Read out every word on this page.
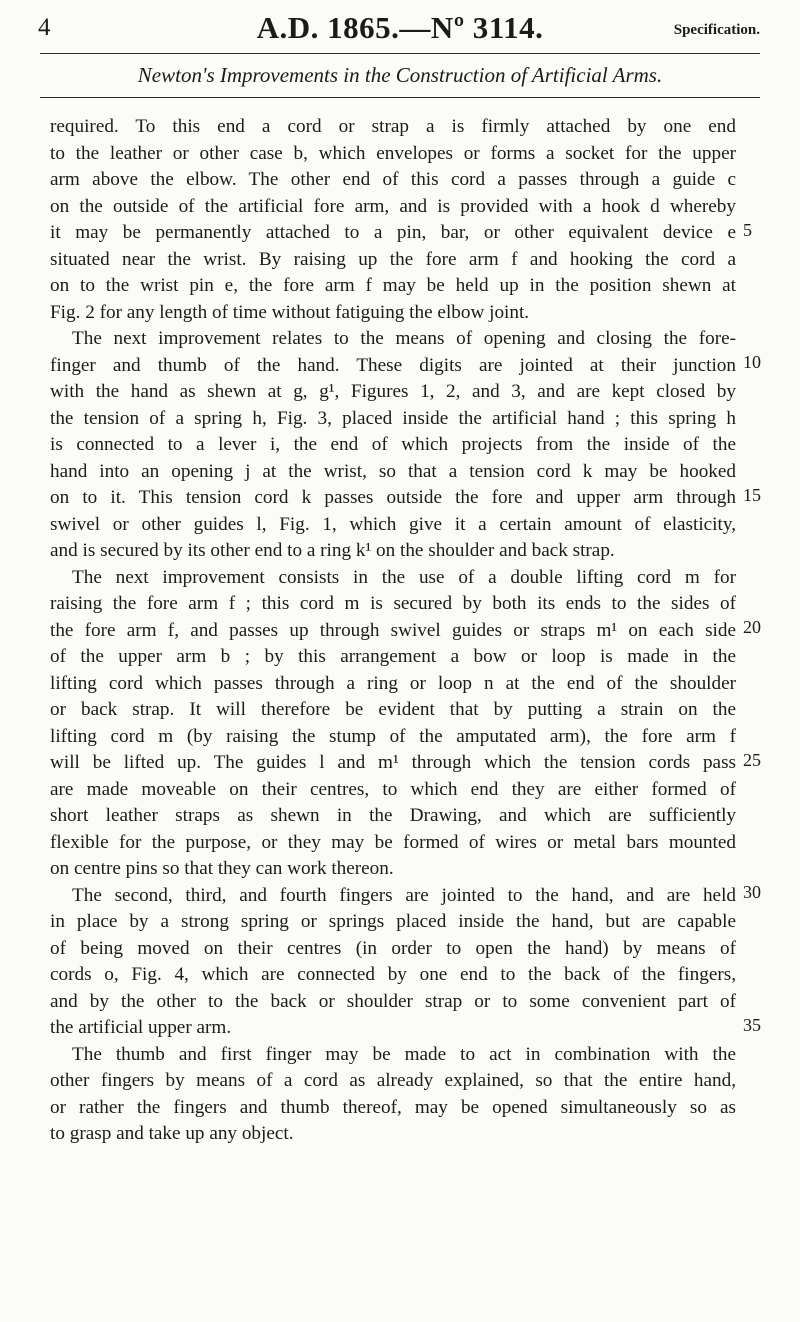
4	A.D. 1865.—Nº 3114.	Specification.
Newton's Improvements in the Construction of Artificial Arms.
required. To this end a cord or strap a is firmly attached by one end
to the leather or other case b, which envelopes or forms a socket for the upper
arm above the elbow. The other end of this cord a passes through a guide c
on the outside of the artificial fore arm, and is provided with a hook d whereby
it may be permanently attached to a pin, bar, or other equivalent device e
situated near the wrist. By raising up the fore arm f and hooking the cord a
on to the wrist pin e, the fore arm f may be held up in the position shewn at
Fig. 2 for any length of time without fatiguing the elbow joint.
The next improvement relates to the means of opening and closing the fore-
finger and thumb of the hand. These digits are jointed at their junction
with the hand as shewn at g, g¹, Figures 1, 2, and 3, and are kept closed by
the tension of a spring h, Fig. 3, placed inside the artificial hand ; this spring h
is connected to a lever i, the end of which projects from the inside of the
hand into an opening j at the wrist, so that a tension cord k may be hooked
on to it. This tension cord k passes outside the fore and upper arm through
swivel or other guides l, Fig. 1, which give it a certain amount of elasticity,
and is secured by its other end to a ring k¹ on the shoulder and back strap.
The next improvement consists in the use of a double lifting cord m for
raising the fore arm f ; this cord m is secured by both its ends to the sides of
the fore arm f, and passes up through swivel guides or straps m¹ on each side
of the upper arm b ; by this arrangement a bow or loop is made in the
lifting cord which passes through a ring or loop n at the end of the shoulder
or back strap. It will therefore be evident that by putting a strain on the
lifting cord m (by raising the stump of the amputated arm), the fore arm f
will be lifted up. The guides l and m¹ through which the tension cords pass
are made moveable on their centres, to which end they are either formed of
short leather straps as shewn in the Drawing, and which are sufficiently
flexible for the purpose, or they may be formed of wires or metal bars mounted
on centre pins so that they can work thereon.
The second, third, and fourth fingers are jointed to the hand, and are held
in place by a strong spring or springs placed inside the hand, but are capable
of being moved on their centres (in order to open the hand) by means of
cords o, Fig. 4, which are connected by one end to the back of the fingers,
and by the other to the back or shoulder strap or to some convenient part of
the artificial upper arm.
The thumb and first finger may be made to act in combination with the
other fingers by means of a cord as already explained, so that the entire hand,
or rather the fingers and thumb thereof, may be opened simultaneously so as
to grasp and take up any object.
5
10
15
20
25
30
35
